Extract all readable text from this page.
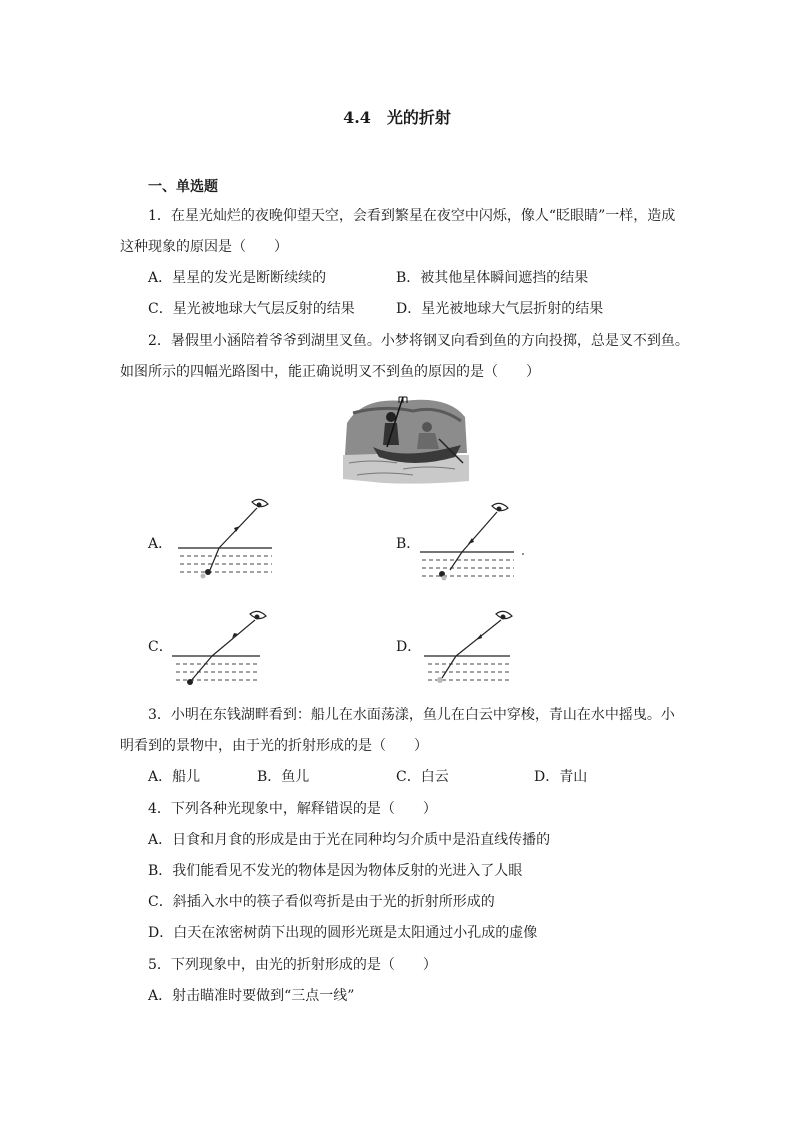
4.4　光的折射
一、单选题
1．在星光灿烂的夜晚仰望天空，会看到繁星在夜空中闪烁，像人“眨眼睛”一样，造成
这种现象的原因是（　　）
A．星星的发光是断断续续的	B．被其他星体瞬间遮挡的结果
C．星光被地球大气层反射的结果	D．星光被地球大气层折射的结果
2．暑假里小涵陪着爷爷到湖里叉鱼。小梦将钢叉向看到鱼的方向投掷，总是叉不到鱼。
如图所示的四幅光路图中，能正确说明叉不到鱼的原因的是（　　）
A．	B．
C．	D．
3．小明在东钱湖畔看到：船儿在水面荡漾，鱼儿在白云中穿梭，青山在水中摇曳。小
明看到的景物中，由于光的折射形成的是（　　）
A．船儿	B．鱼儿	C．白云	D．青山
4．下列各种光现象中，解释错误的是（　　）
A．日食和月食的形成是由于光在同种均匀介质中是沿直线传播的
B．我们能看见不发光的物体是因为物体反射的光进入了人眼
C．斜插入水中的筷子看似弯折是由于光的折射所形成的
D．白天在浓密树荫下出现的圆形光斑是太阳通过小孔成的虚像
5．下列现象中，由光的折射形成的是（　　）
A．射击瞄准时要做到“三点一线”
